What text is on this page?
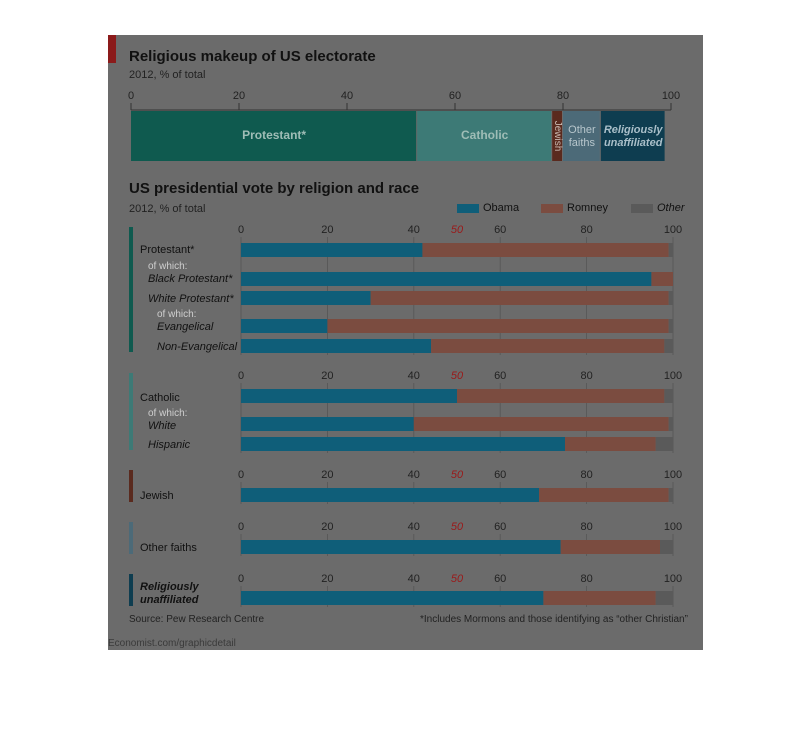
Religious makeup of US electorate
2012, % of total
US presidential vote by religion and race
2012, % of total	Obama	Romney	Other
0	20	40	60	80	100
Protestant*	Catholic	Jewish Other
faiths
Religiously
unaffiliated
0	20	40	50	60	80	100
Protestant*
of which:
Black Protestant*
White Protestant*
of which:
Evangelical
Non-Evangelical
0	20	40	50	60	80	100
Catholic
of which:
White
Hispanic
0	20	40	50	60	80	100
Jewish
0	20	40	50	60	80	100
Other faiths
0	20	40	50	60	80	100
Religiously
unaffiliated
Source: Pew Research Centre	*Includes Mormons and those identifying as “other Christian”
Economist.com/graphicdetail
